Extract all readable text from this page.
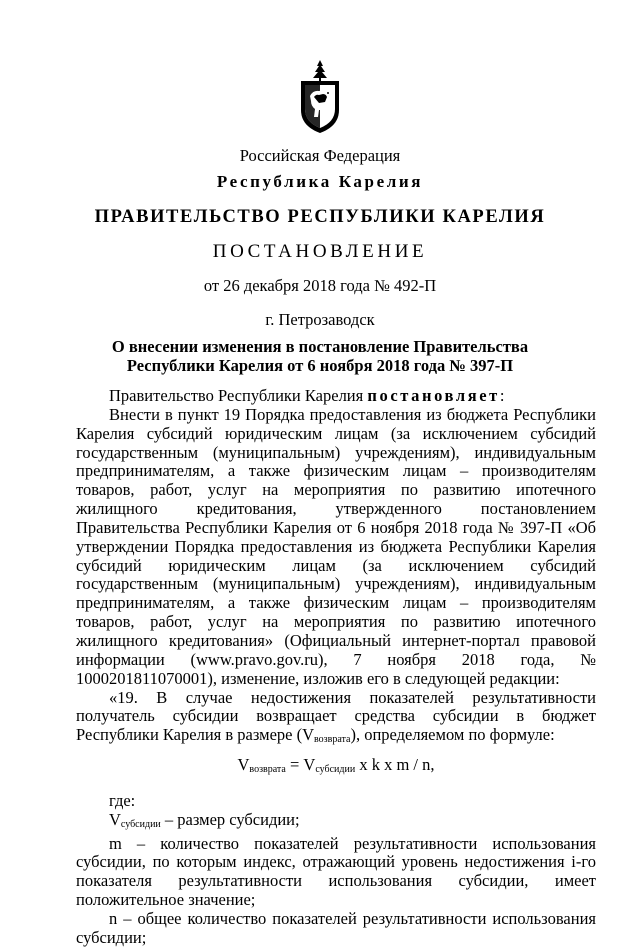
Российская Федерация
Республика Карелия
ПРАВИТЕЛЬСТВО РЕСПУБЛИКИ КАРЕЛИЯ
ПОСТАНОВЛЕНИЕ
от 26 декабря 2018 года № 492-П
г. Петрозаводск
О внесении изменения в постановление Правительства
Республики Карелия от 6 ноября 2018 года № 397-П

Правительство Республики Карелия постановляет:

Внести в пункт 19 Порядка предоставления из бюджета Республики Карелия субсидий юридическим лицам (за исключением субсидий государственным (муниципальным) учреждениям), индивидуальным предпринимателям, а также физическим лицам – производителям товаров, работ, услуг на мероприятия по развитию ипотечного жилищного кредитования, утвержденного постановлением Правительства Республики Карелия от 6 ноября 2018 года № 397-П «Об утверждении Порядка предоставления из бюджета Республики Карелия субсидий юридическим лицам (за исключением субсидий государственным (муниципальным) учреждениям), индивидуальным предпринимателям, а также физическим лицам – производителям товаров, работ, услуг на мероприятия по развитию ипотечного жилищного кредитования» (Официальный интернет-портал правовой информации (www.pravo.gov.ru), 7 ноября 2018 года, № 1000201811070001), изменение, изложив его в следующей редакции:

«19. В случае недостижения показателей результативности получатель субсидии возвращает средства субсидии в бюджет Республики Карелия в размере $(V_{возврата})$, определяемом по формуле:

$V_{возврата} = V_{субсидии}$ x k x m / n,

где:

$V_{субсидии}$ – размер субсидии;

m – количество показателей результативности использования субсидии, по которым индекс, отражающий уровень недостижения i-го показателя результативности использования субсидии, имеет положительное значение;

n – общее количество показателей результативности использования субсидии;
